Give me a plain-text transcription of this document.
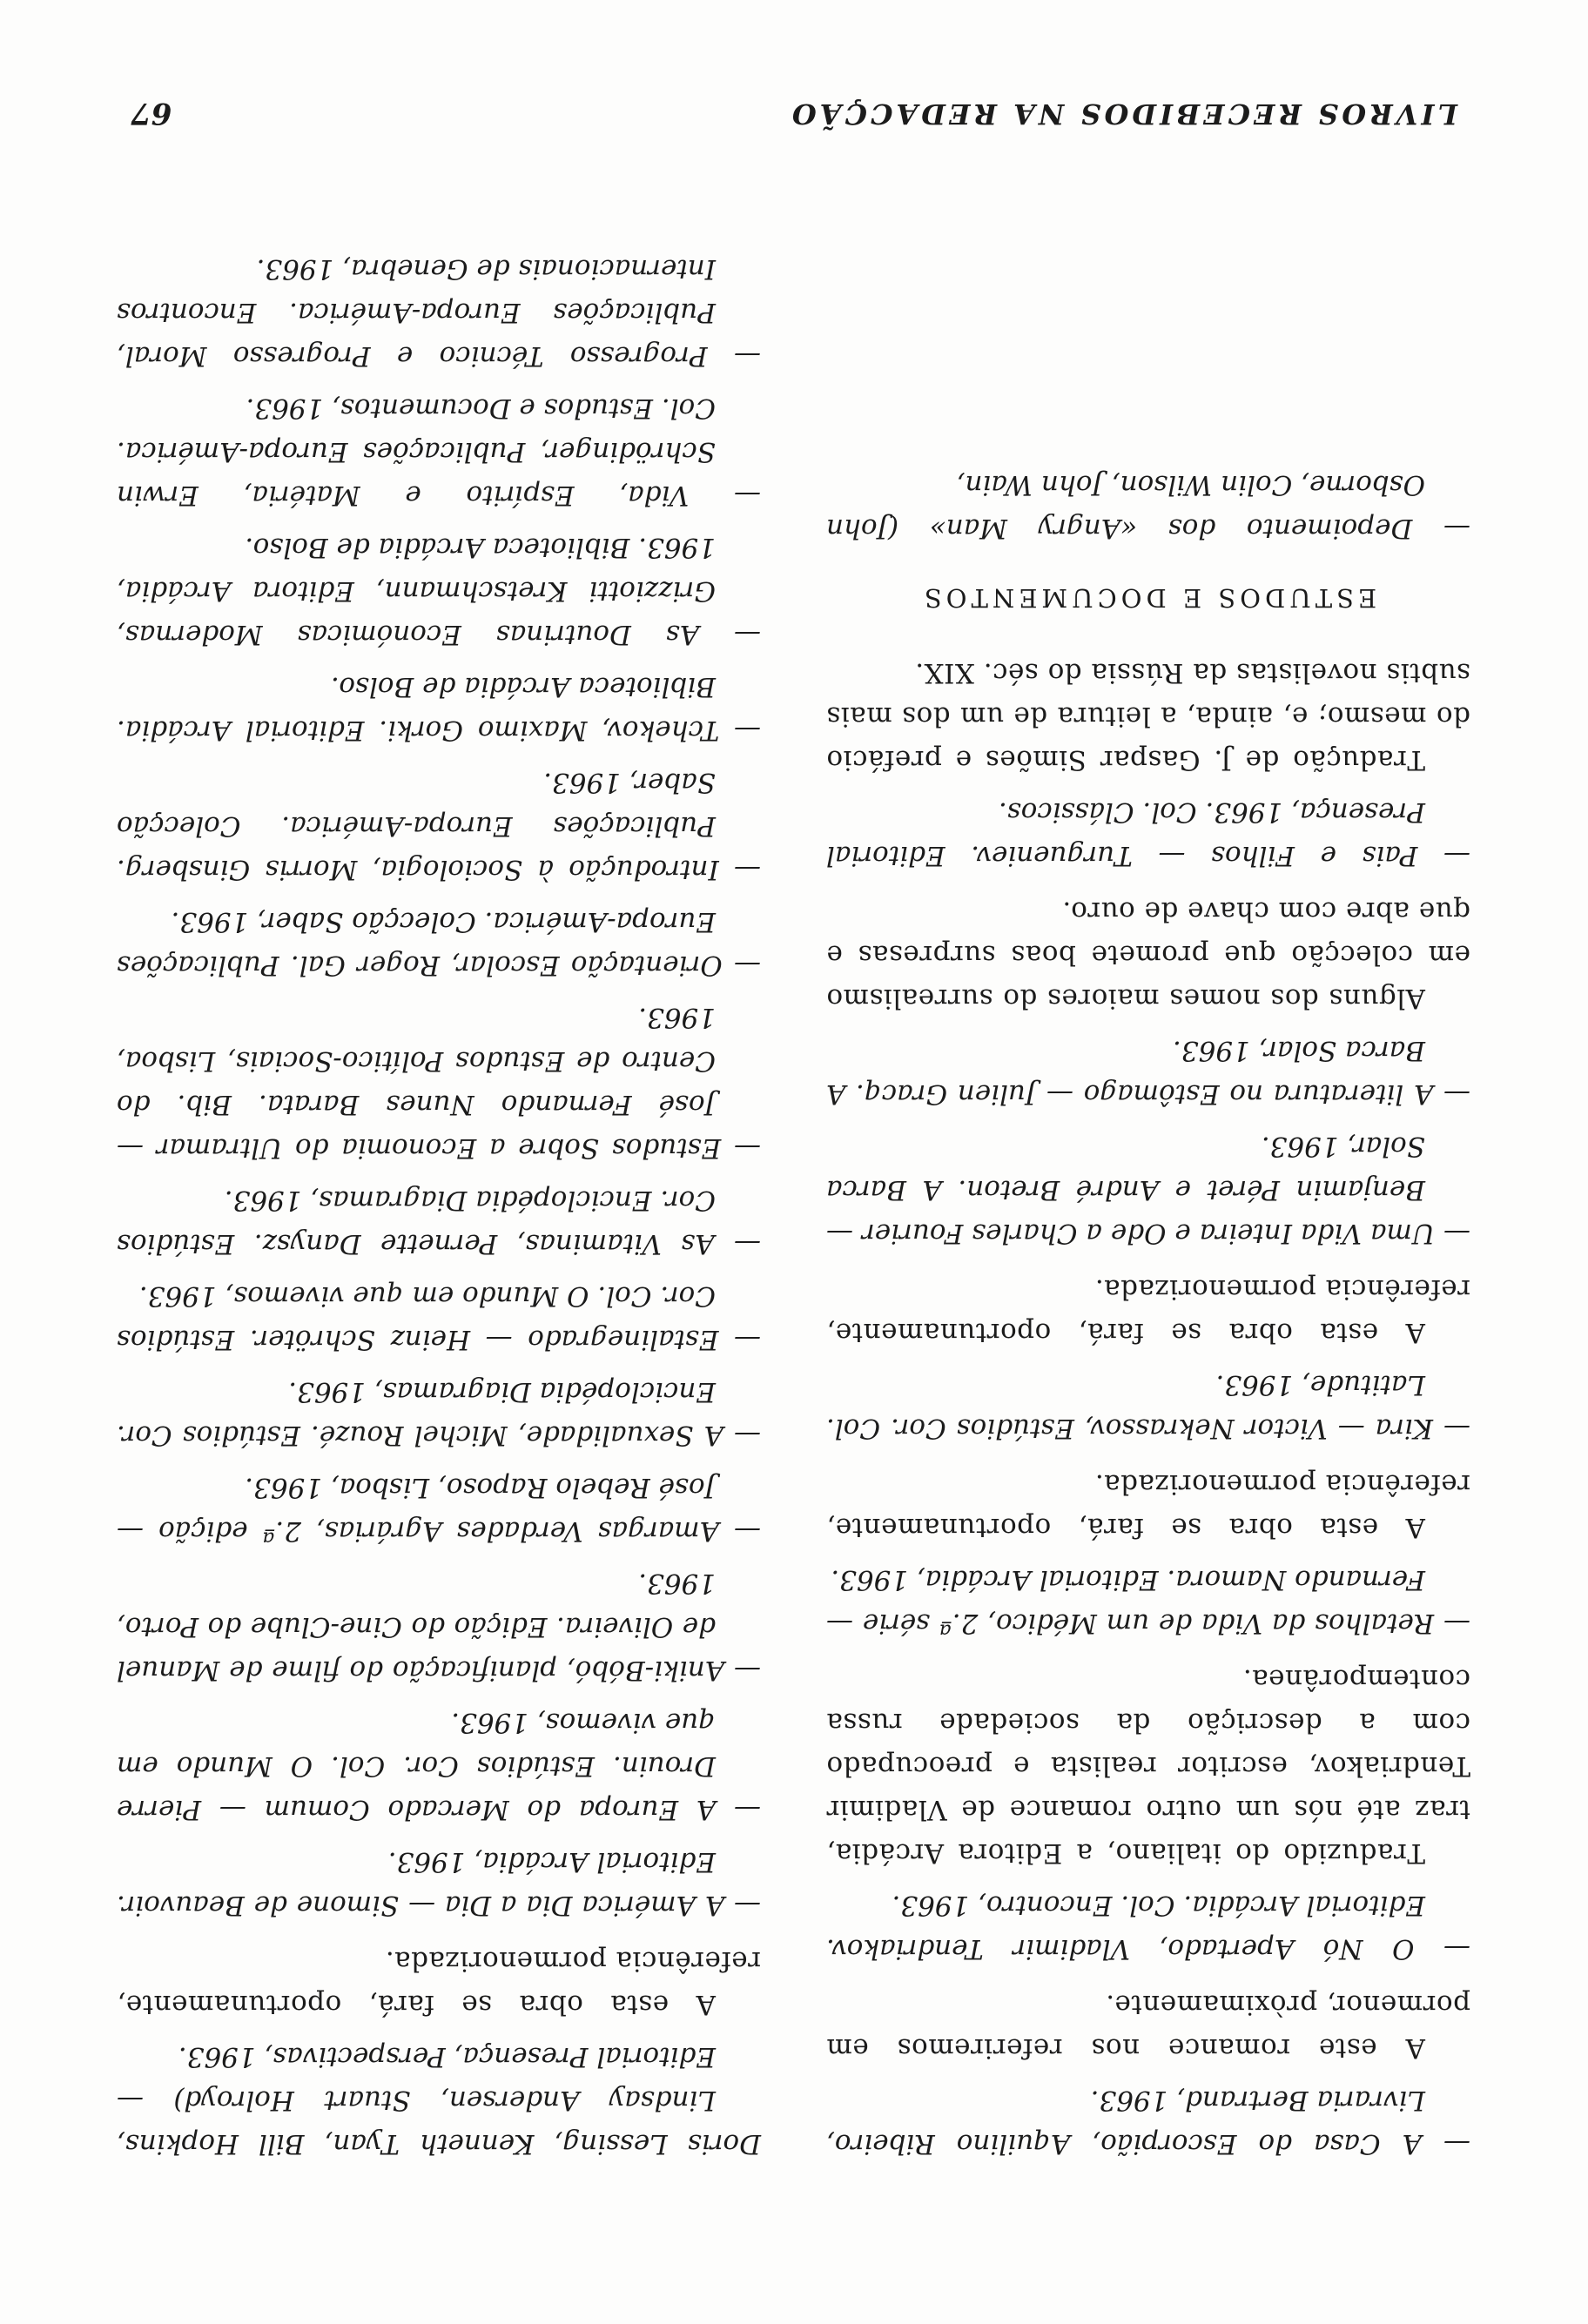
LIVROS RECEBIDOS NA REDACÇÃO
67

— A Casa do Escorpião, Aquilino Ribeiro, Livraria Bertrand, 1963.

A este romance nos referiremos em pormenor, pròximamente.

— O Nó Apertado, Vladimir Tendriakov. Editorial Arcádia. Col. Encontro, 1963.

Traduzido do italiano, a Editora Arcádia, traz até nós um outro romance de Vladimir Tendriakov, escritor realista e preocupado com a descrição da sociedade russa contemporânea.

— Retalhos da Vida de um Médico, 2.ª série — Fernando Namora. Editorial Arcádia, 1963.

A esta obra se fará, oportunamente, referência pormenorizada.

— Kira — Victor Nekrassov, Estúdios Cor. Col. Latitude, 1963.

A esta obra se fará, oportunamente, referência pormenorizada.

— Uma Vida Inteira e Ode a Charles Fourier — Benjamin Péret e André Breton. A Barca Solar, 1963.

— A literatura no Estômago — Julien Gracq. A Barca Solar, 1963.

Alguns dos nomes maiores do surrealismo em colecção que promete boas surpresas e que abre com chave de ouro.

— Pais e Filhos — Turgueniev. Editorial Presença, 1963. Col. Clássicos.

Tradução de J. Gaspar Simões e prefácio do mesmo; e, ainda, a leitura de um dos mais subtis novelistas da Rússia do séc. XIX.

ESTUDOS E DOCUMENTOS

— Depoimento dos «Angry Man» (John Osborne, Colin Wilson, John Wain,

Doris Lessing, Kenneth Tyan, Bill Hopkins, Lindsay Andersen, Stuart Holroyd) — Editorial Presença, Perspectivas, 1963.

A esta obra se fará, oportunamente, referência pormenorizada.

— A América Dia a Dia — Simone de Beauvoir. Editorial Arcádia, 1963.

— A Europa do Mercado Comum — Pierre Drouin. Estúdios Cor. Col. O Mundo em que vivemos, 1963.

— Aniki-Bóbó, planificação do filme de Manuel de Oliveira. Edição do Cine-Clube do Porto, 1963.

— Amargas Verdades Agrárias, 2.ª edição — José Rebelo Raposo, Lisboa, 1963.

— A Sexualidade, Michel Rouzé. Estúdios Cor. Enciclopédia Diagramas, 1963.

— Estalinegrado — Heinz Schröter. Estúdios Cor. Col. O Mundo em que vivemos, 1963.

— As Vitaminas, Pernette Danysz. Estúdios Cor. Enciclopédia Diagramas, 1963.

— Estudos Sobre a Economia do Ultramar — José Fernando Nunes Barata. Bib. do Centro de Estudos Político-Sociais, Lisboa, 1963.

— Orientação Escolar, Roger Gal. Publicações Europa-América. Colecção Saber, 1963.

— Introdução à Sociologia, Morris Ginsberg. Publicações Europa-América. Colecção Saber, 1963.

— Tchekov, Maximo Gorki. Editorial Arcádia. Biblioteca Arcádia de Bolso.

— As Doutrinas Económicas Modernas, Grizziotti Kretschmann, Editora Arcádia, 1963. Biblioteca Arcádia de Bolso.

— Vida, Espírito e Matéria, Erwin Schrödinger, Publicações Europa-América. Col. Estudos e Documentos, 1963.

— Progresso Técnico e Progresso Moral, Publicações Europa-América. Encontros Internacionais de Genebra, 1963.
